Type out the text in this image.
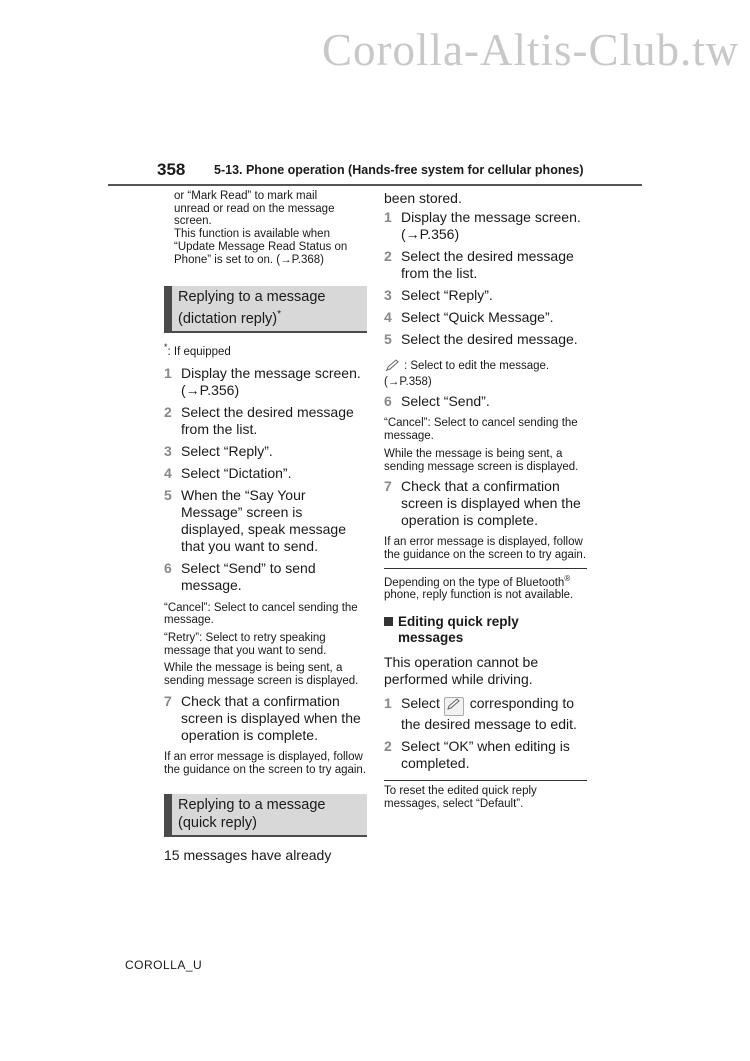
Corolla-Altis-Club.tw
358 5-13. Phone operation (Hands-free system for cellular phones)
or “Mark Read” to mark mail
unread or read on the message
screen.
This function is available when
“Update Message Read Status on
Phone” is set to on. (→P.368)
Replying to a message
(dictation reply)*
*: If equipped
1 Display the message screen. (→P.356)
2 Select the desired message from the list.
3 Select “Reply”.
4 Select “Dictation”.
5 When the “Say Your Message” screen is displayed, speak message that you want to send.
6 Select “Send” to send message.
“Cancel”: Select to cancel sending the message.
“Retry”: Select to retry speaking message that you want to send.
While the message is being sent, a sending message screen is displayed.
7 Check that a confirmation screen is displayed when the operation is complete.
If an error message is displayed, follow the guidance on the screen to try again.
Replying to a message
(quick reply)
15 messages have already
been stored.
1 Display the message screen. (→P.356)
2 Select the desired message from the list.
3 Select “Reply”.
4 Select “Quick Message”.
5 Select the desired message.
: Select to edit the message. (→P.358)
6 Select “Send”.
“Cancel”: Select to cancel sending the message.
While the message is being sent, a sending message screen is displayed.
7 Check that a confirmation screen is displayed when the operation is complete.
If an error message is displayed, follow the guidance on the screen to try again.
Depending on the type of Bluetooth® phone, reply function is not available.
Editing quick reply messages
This operation cannot be performed while driving.
1 Select  corresponding to the desired message to edit.
2 Select “OK” when editing is completed.
To reset the edited quick reply messages, select “Default”.
COROLLA_U
